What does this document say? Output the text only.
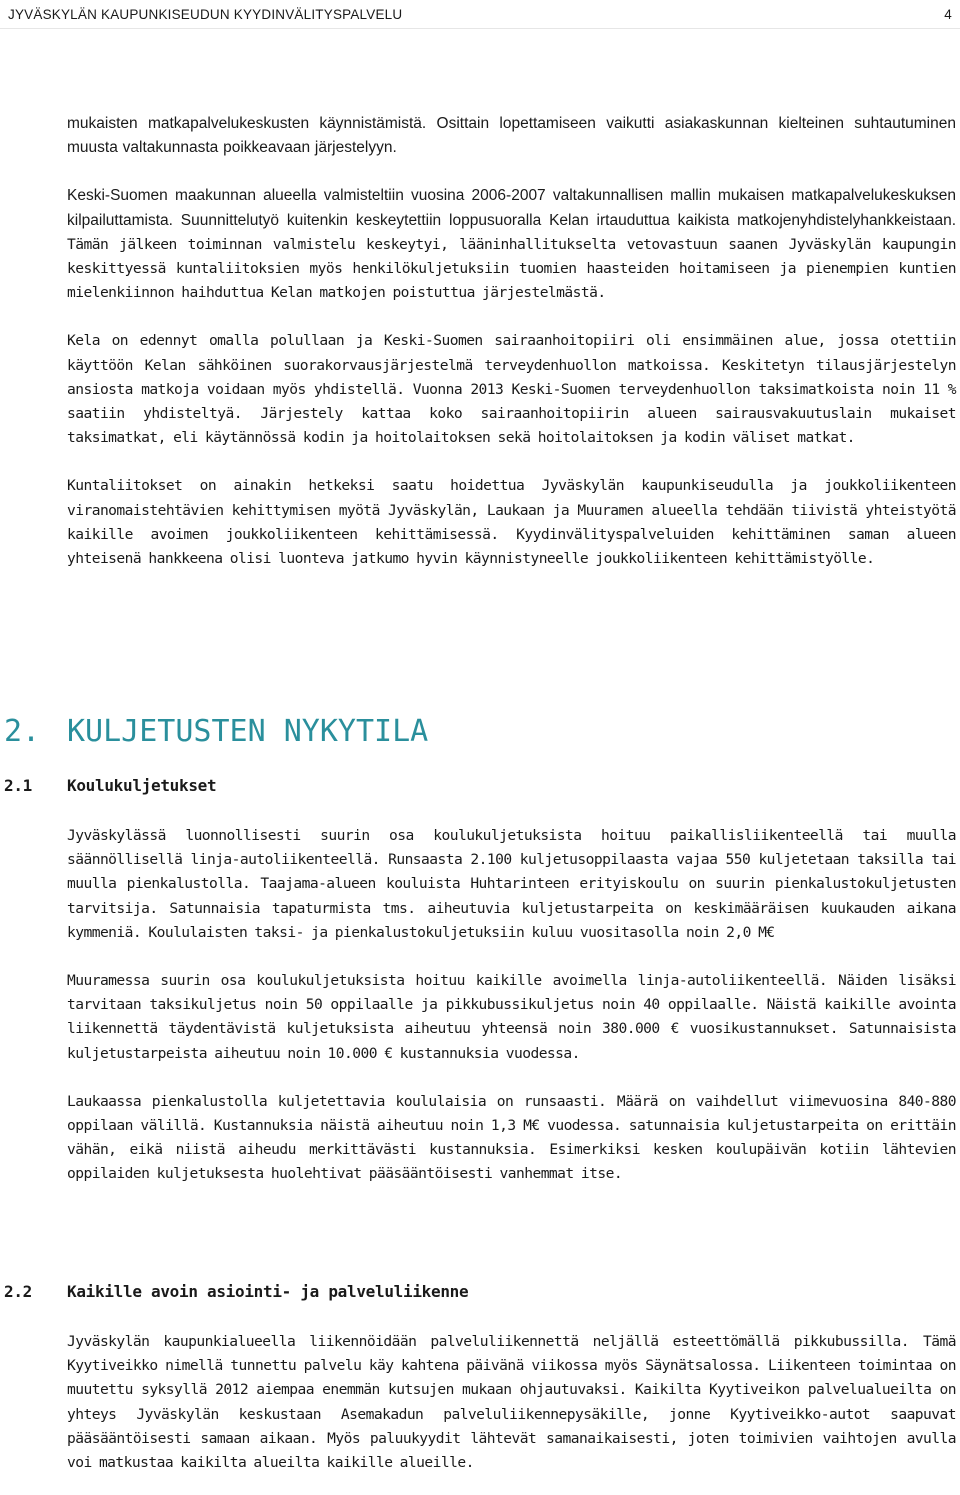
JYVÄSKYLÄN KAUPUNKISEUDUN KYYDINVÄLITYSPALVELU	4

mukaisten matkapalvelukeskusten käynnistämistä. Osittain lopettamiseen vaikutti asiakaskunnan kielteinen suhtautuminen muusta valtakunnasta poikkeavaan järjestelyyn.

Keski-Suomen maakunnan alueella valmisteltiin vuosina 2006-2007 valtakunnallisen mallin mukaisen matkapalvelukeskuksen kilpailuttamista. Suunnittelutyö kuitenkin keskeytettiin loppusuoralla Kelan irtauduttua kaikista matkojenyhdistelyhankkeistaan. Tämän jälkeen toiminnan valmistelu keskeytyi, lääninhallitukselta vetovastuun saanen Jyväskylän kaupungin keskittyessä kuntaliitoksien myös henkilökuljetuksiin tuomien haasteiden hoitamiseen ja pienempien kuntien mielenkiinnon haihduttua Kelan matkojen poistuttua järjestelmästä.

Kela on edennyt omalla polullaan ja Keski-Suomen sairaanhoitopiiri oli ensimmäinen alue, jossa otettiin käyttöön Kelan sähköinen suorakorvausjärjestelmä terveydenhuollon matkoissa. Keskitetyn tilausjärjestelyn ansiosta matkoja voidaan myös yhdistellä. Vuonna 2013 Keski-Suomen terveydenhuollon taksimatkoista noin 11 % saatiin yhdisteltyä. Järjestely kattaa koko sairaanhoitopiirin alueen sairausvakuutuslain mukaiset taksimatkat, eli käytännössä kodin ja hoitolaitoksen sekä hoitolaitoksen ja kodin väliset matkat.

Kuntaliitokset on ainakin hetkeksi saatu hoidettua Jyväskylän kaupunkiseudulla ja joukkoliikenteen viranomaistehtävien kehittymisen myötä Jyväskylän, Laukaan ja Muuramen alueella tehdään tiivistä yhteistyötä kaikille avoimen joukkoliikenteen kehittämisessä. Kyydinvälityspalveluiden kehittäminen saman alueen yhteisenä hankkeena olisi luonteva jatkumo hyvin käynnistyneelle joukkoliikenteen kehittämistyölle.

2. KULJETUSTEN NYKYTILA
2.1 Koulukuljetukset

Jyväskylässä luonnollisesti suurin osa koulukuljetuksista hoituu paikallisliikenteellä tai muulla säännöllisellä linja-autoliikenteellä. Runsaasta 2.100 kuljetusoppilaasta vajaa 550 kuljetetaan taksilla tai muulla pienkalustolla. Taajama-alueen kouluista Huhtarinteen erityiskoulu on suurin pienkalustokuljetusten tarvitsija. Satunnaisia tapaturmista tms. aiheutuvia kuljetustarpeita on keskimääräisen kuukauden aikana kymmeniä. Koululaisten taksi- ja pienkalustokuljetuksiin kuluu vuositasolla noin 2,0 M€

Muuramessa suurin osa koulukuljetuksista hoituu kaikille avoimella linja-autoliikenteellä. Näiden lisäksi tarvitaan taksikuljetus noin 50 oppilaalle ja pikkubussikuljetus noin 40 oppilaalle. Näistä kaikille avointa liikennettä täydentävistä kuljetuksista aiheutuu yhteensä noin 380.000 € vuosikustannukset. Satunnaisista kuljetustarpeista aiheutuu noin 10.000 € kustannuksia vuodessa.

Laukaassa pienkalustolla kuljetettavia koululaisia on runsaasti. Määrä on vaihdellut viimevuosina 840-880 oppilaan välillä. Kustannuksia näistä aiheutuu noin 1,3 M€ vuodessa. satunnaisia kuljetustarpeita on erittäin vähän, eikä niistä aiheudu merkittävästi kustannuksia. Esimerkiksi kesken koulupäivän kotiin lähtevien oppilaiden kuljetuksesta huolehtivat pääsääntöisesti vanhemmat itse.

2.2 Kaikille avoin asiointi- ja palveluliikenne

Jyväskylän kaupunkialueella liikennöidään palveluliikennettä neljällä esteettömällä pikkubussilla. Tämä Kyytiveikko nimellä tunnettu palvelu käy kahtena päivänä viikossa myös Säynätsalossa. Liikenteen toimintaa on muutettu syksyllä 2012 aiempaa enemmän kutsujen mukaan ohjautuvaksi. Kaikilta Kyytiveikon palvelualueilta on yhteys Jyväskylän keskustaan Asemakadun palveluliikennepysäkille, jonne Kyytiveikko-autot saapuvat pääsääntöisesti samaan aikaan. Myös paluukyydit lähtevät samanaikaisesti, joten toimivien vaihtojen avulla voi matkustaa kaikilta alueilta kaikille alueille.
